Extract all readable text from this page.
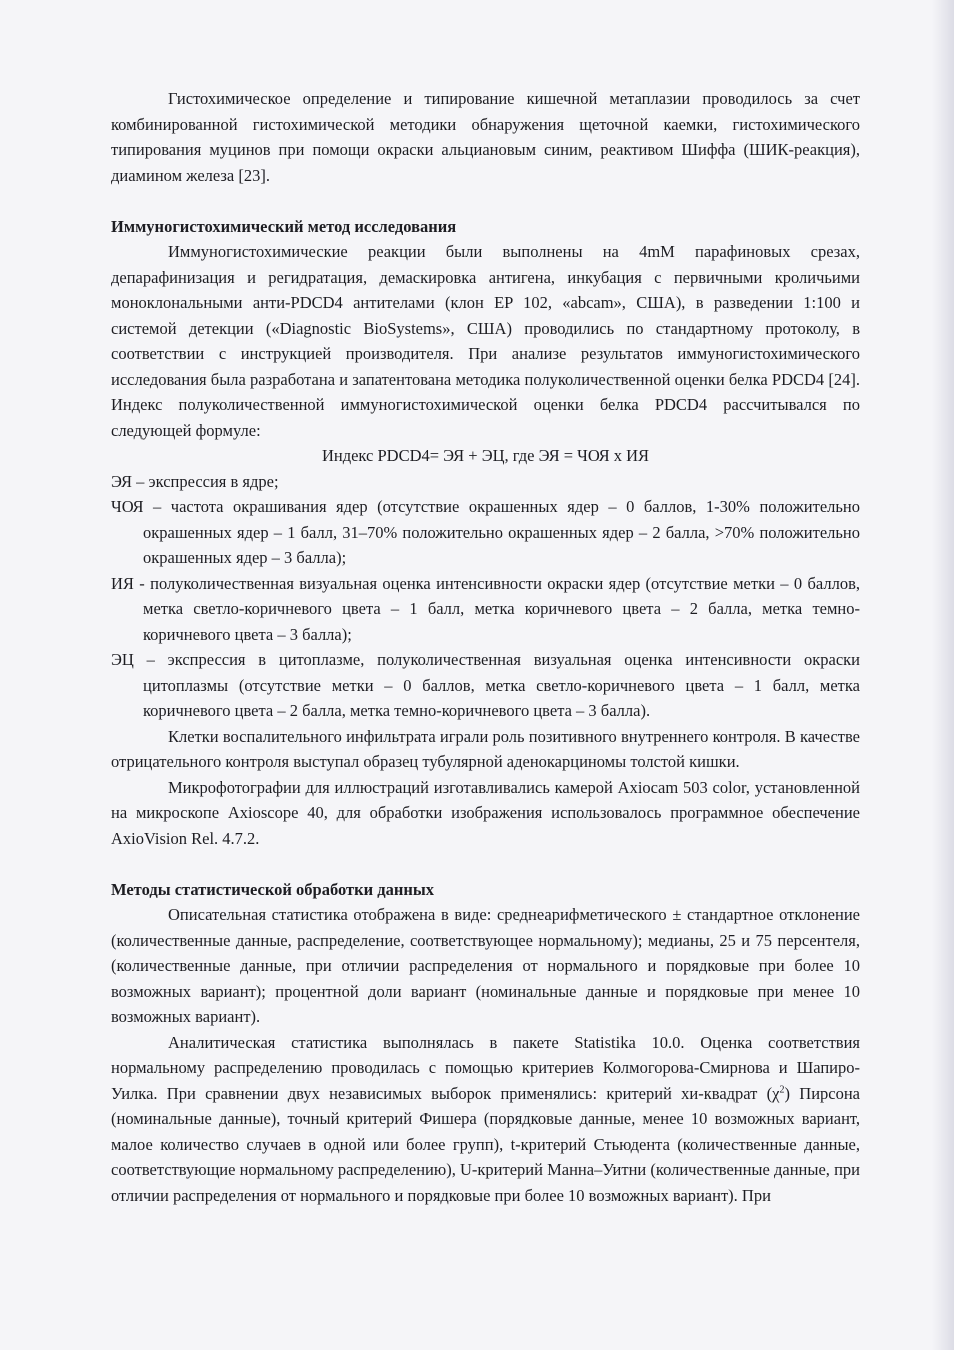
Гистохимическое определение и типирование кишечной метаплазии проводилось за счет комбинированной гистохимической методики обнаружения щеточной каемки, гистохимического типирования муцинов при помощи окраски альциановым синим, реактивом Шиффа (ШИК-реакция), диамином железа [23].

Иммуногистохимический метод исследования

Иммуногистохимические реакции были выполнены на 4mM парафиновых срезах, депарафинизация и регидратация, демаскировка антигена, инкубация с первичными кроличьими моноклональными анти-PDCD4 антителами (клон EP 102, «abcam», США), в разведении 1:100 и системой детекции («Diagnostic BioSystems», США) проводились по стандартному протоколу, в соответствии с инструкцией производителя. При анализе результатов иммуногистохимического исследования была разработана и запатентована методика полуколичественной оценки белка PDCD4 [24]. Индекс полуколичественной иммуногистохимической оценки белка PDCD4 рассчитывался по следующей формуле:

Индекс PDCD4= ЭЯ + ЭЦ, где ЭЯ = ЧОЯ х ИЯ

ЭЯ – экспрессия в ядре;

ЧОЯ – частота окрашивания ядер (отсутствие окрашенных ядер – 0 баллов, 1-30% положительно окрашенных ядер – 1 балл, 31–70% положительно окрашенных ядер – 2 балла, >70% положительно окрашенных ядер – 3 балла);

ИЯ - полуколичественная визуальная оценка интенсивности окраски ядер (отсутствие метки – 0 баллов, метка светло-коричневого цвета – 1 балл, метка коричневого цвета – 2 балла, метка темно-коричневого цвета – 3 балла);

ЭЦ – экспрессия в цитоплазме, полуколичественная визуальная оценка интенсивности окраски цитоплазмы (отсутствие метки – 0 баллов, метка светло-коричневого цвета – 1 балл, метка коричневого цвета – 2 балла, метка темно-коричневого цвета – 3 балла).

Клетки воспалительного инфильтрата играли роль позитивного внутреннего контроля. В качестве отрицательного контроля выступал образец тубулярной аденокарциномы толстой кишки.

Микрофотографии для иллюстраций изготавливались камерой Axiocam 503 color, установленной на микроскопе Axioscope 40, для обработки изображения использовалось программное обеспечение AxioVision Rel. 4.7.2.

Методы статистической обработки данных

Описательная статистика отображена в виде: среднеарифметического ± стандартное отклонение (количественные данные, распределение, соответствующее нормальному); медианы, 25 и 75 персентеля, (количественные данные, при отличии распределения от нормального и порядковые при более 10 возможных вариант); процентной доли вариант (номинальные данные и порядковые при менее 10 возможных вариант).

Аналитическая статистика выполнялась в пакете Statistika 10.0. Оценка соответствия нормальному распределению проводилась с помощью критериев Колмогорова-Смирнова и Шапиро-Уилка. При сравнении двух независимых выборок применялись: критерий хи-квадрат $(\chi^2)$ Пирсона (номинальные данные), точный критерий Фишера (порядковые данные, менее 10 возможных вариант, малое количество случаев в одной или более групп), t-критерий Стьюдента (количественные данные, соответствующие нормальному распределению), U-критерий Манна–Уитни (количественные данные, при отличии распределения от нормального и порядковые при более 10 возможных вариант). При
